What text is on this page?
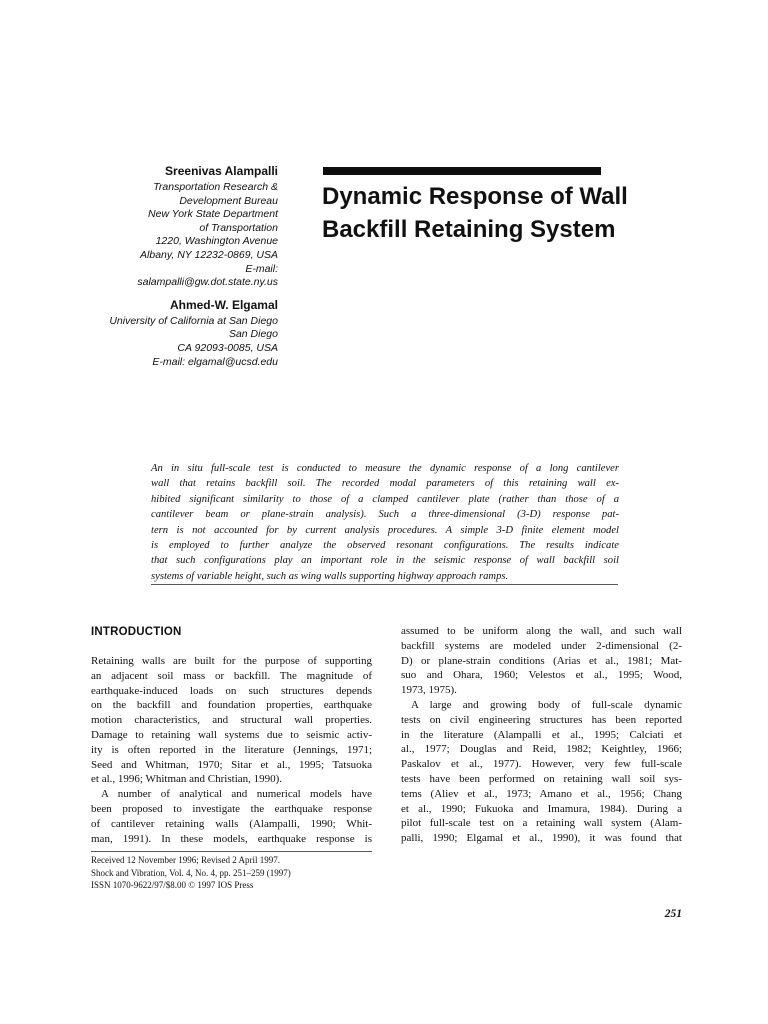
Sreenivas Alampalli

Transportation Research &
Development Bureau
New York State Department
of Transportation
1220, Washington Avenue
Albany, NY 12232-0869, USA
E-mail:
salampalli@gw.dot.state.ny.us

Ahmed-W. Elgamal

University of California at San Diego
San Diego
CA 92093-0085, USA
E-mail: elgamal@ucsd.edu

Dynamic Response of Wall
Backfill Retaining System

An in situ full-scale test is conducted to measure the dynamic response of a long cantilever
wall that retains backfill soil. The recorded modal parameters of this retaining wall ex-
hibited significant similarity to those of a clamped cantilever plate (rather than those of a
cantilever beam or plane-strain analysis). Such a three-dimensional (3-D) response pat-
tern is not accounted for by current analysis procedures. A simple 3-D finite element model
is employed to further analyze the observed resonant configurations. The results indicate
that such configurations play an important role in the seismic response of wall backfill soil
systems of variable height, such as wing walls supporting highway approach ramps.

INTRODUCTION
Retaining walls are built for the purpose of supporting
an adjacent soil mass or backfill. The magnitude of
earthquake-induced loads on such structures depends
on the backfill and foundation properties, earthquake
motion characteristics, and structural wall properties.
Damage to retaining wall systems due to seismic activ-
ity is often reported in the literature (Jennings, 1971;
Seed and Whitman, 1970; Sitar et al., 1995; Tatsuoka
et al., 1996; Whitman and Christian, 1990).
A number of analytical and numerical models have
been proposed to investigate the earthquake response
of cantilever retaining walls (Alampalli, 1990; Whit-
man, 1991). In these models, earthquake response is
assumed to be uniform along the wall, and such wall
backfill systems are modeled under 2-dimensional (2-
D) or plane-strain conditions (Arias et al., 1981; Mat-
suo and Ohara, 1960; Velestos et al., 1995; Wood,
1973, 1975).
A large and growing body of full-scale dynamic
tests on civil engineering structures has been reported
in the literature (Alampalli et al., 1995; Calciati et
al., 1977; Douglas and Reid, 1982; Keightley, 1966;
Paskalov et al., 1977). However, very few full-scale
tests have been performed on retaining wall soil sys-
tems (Aliev et al., 1973; Amano et al., 1956; Chang
et al., 1990; Fukuoka and Imamura, 1984). During a
pilot full-scale test on a retaining wall system (Alam-
palli, 1990; Elgamal et al., 1990), it was found that
Received 12 November 1996; Revised 2 April 1997.
Shock and Vibration, Vol. 4, No. 4, pp. 251–259 (1997)
ISSN 1070-9622/97/$8.00 © 1997 IOS Press
251
